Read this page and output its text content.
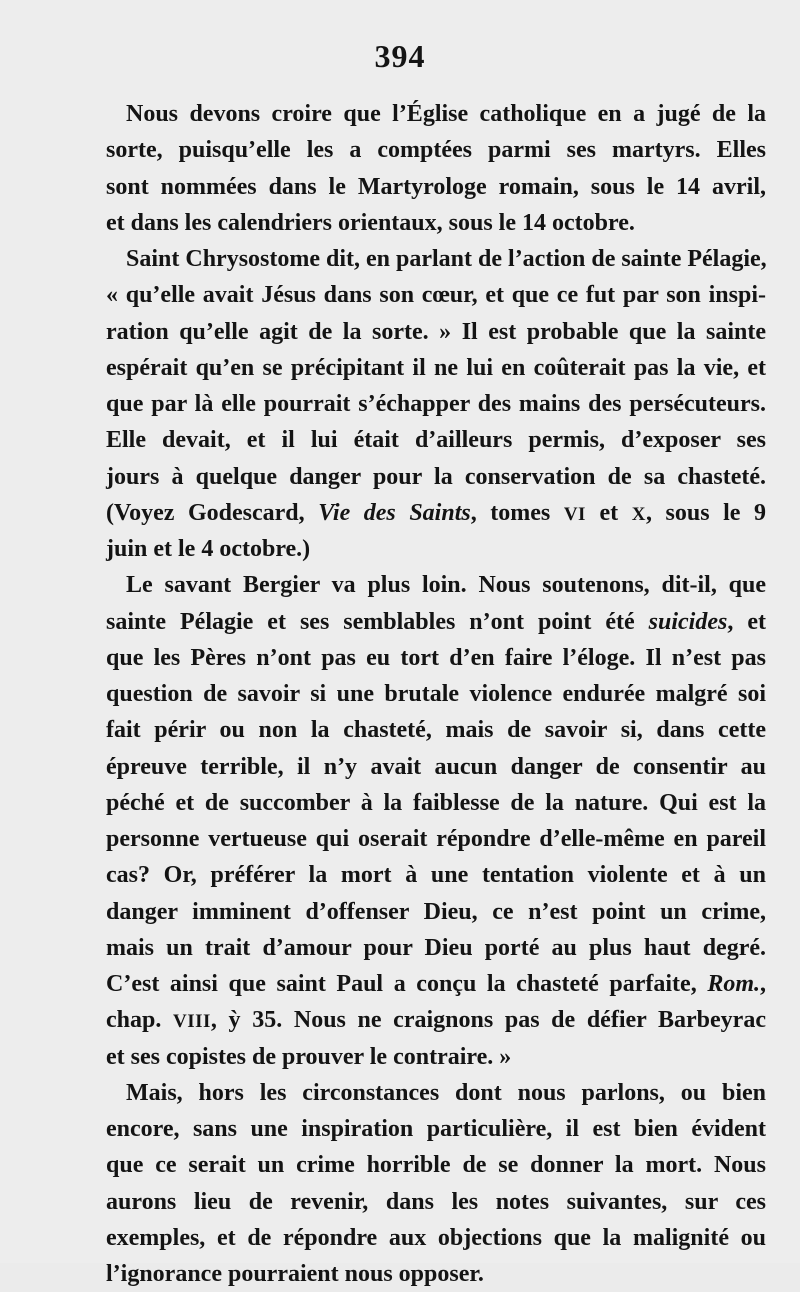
394
Nous devons croire que l’Église catholique en a jugé de la
sorte, puisqu’elle les a comptées parmi ses martyrs. Elles
sont nommées dans le Martyrologe romain, sous le 14 avril,
et dans les calendriers orientaux, sous le 14 octobre.
Saint Chrysostome dit, en parlant de l’action de sainte Pélagie,
« qu’elle avait Jésus dans son cœur, et que ce fut par son inspi-
ration qu’elle agit de la sorte. » Il est probable que la sainte
espérait qu’en se précipitant il ne lui en coûterait pas la vie, et
que par là elle pourrait s’échapper des mains des persécuteurs.
Elle devait, et il lui était d’ailleurs permis, d’exposer ses
jours à quelque danger pour la conservation de sa chasteté.
(Voyez Godescard, Vie des Saints, tomes VI et X, sous le 9
juin et le 4 octobre.)
Le savant Bergier va plus loin. Nous soutenons, dit-il, que
sainte Pélagie et ses semblables n’ont point été suicides, et
que les Pères n’ont pas eu tort d’en faire l’éloge. Il n’est pas
question de savoir si une brutale violence endurée malgré soi
fait périr ou non la chasteté, mais de savoir si, dans cette
épreuve terrible, il n’y avait aucun danger de consentir au
péché et de succomber à la faiblesse de la nature. Qui est la
personne vertueuse qui oserait répondre d’elle-même en pareil
cas? Or, préférer la mort à une tentation violente et à un
danger imminent d’offenser Dieu, ce n’est point un crime,
mais un trait d’amour pour Dieu porté au plus haut degré.
C’est ainsi que saint Paul a conçu la chasteté parfaite, Rom.,
chap. VIII, ỳ 35. Nous ne craignons pas de défier Barbeyrac
et ses copistes de prouver le contraire. »
Mais, hors les circonstances dont nous parlons, ou bien
encore, sans une inspiration particulière, il est bien évident
que ce serait un crime horrible de se donner la mort. Nous
aurons lieu de revenir, dans les notes suivantes, sur ces
exemples, et de répondre aux objections que la malignité ou
l’ignorance pourraient nous opposer.
